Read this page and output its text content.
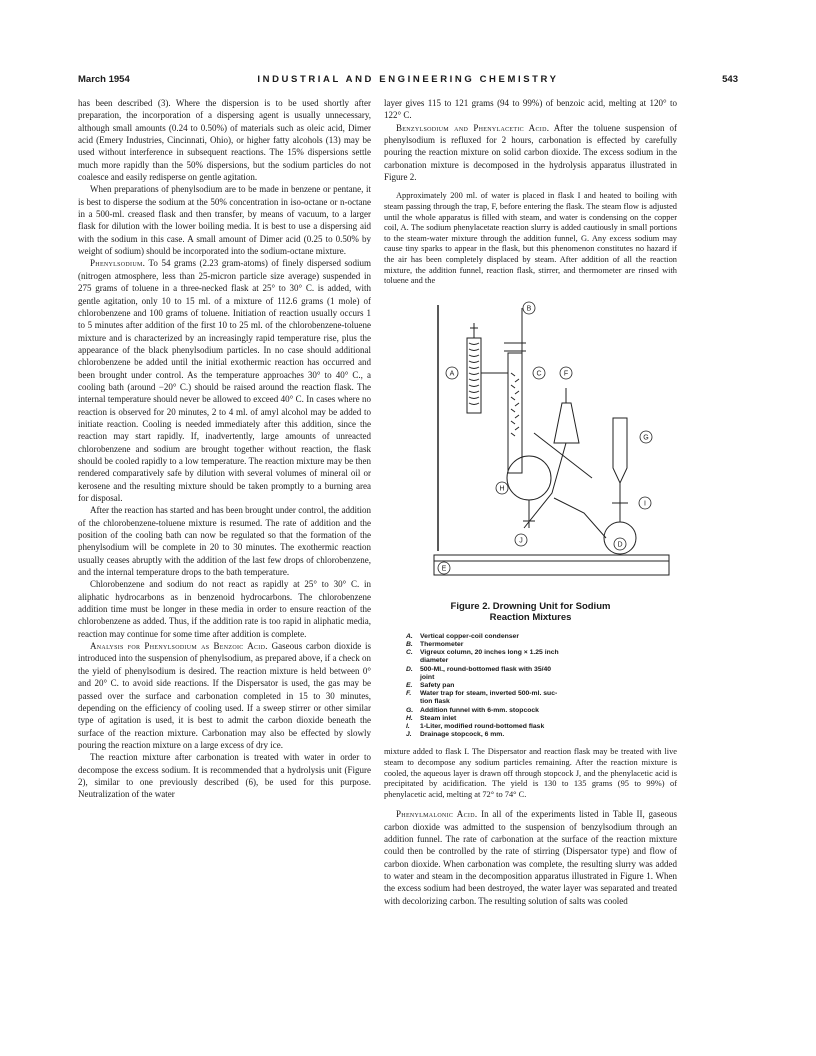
March 1954	INDUSTRIAL AND ENGINEERING CHEMISTRY	543

has been described (3). Where the dispersion is to be used shortly after preparation, the incorporation of a dispersing agent is usually unnecessary, although small amounts (0.24 to 0.50%) of materials such as oleic acid, Dimer acid (Emery Industries, Cincinnati, Ohio), or higher fatty alcohols (13) may be used without interference in subsequent reactions. The 15% dispersions settle much more rapidly than the 50% dispersions, but the sodium particles do not coalesce and easily redisperse on gentle agitation.

When preparations of phenylsodium are to be made in benzene or pentane, it is best to disperse the sodium at the 50% concentration in iso-octane or n-octane in a 500-ml. creased flask and then transfer, by means of vacuum, to a larger flask for dilution with the lower boiling media. It is best to use a dispersing aid with the sodium in this case. A small amount of Dimer acid (0.25 to 0.50% by weight of sodium) should be incorporated into the sodium-octane mixture.

Phenylsodium. To 54 grams (2.23 gram-atoms) of finely dispersed sodium (nitrogen atmosphere, less than 25-micron particle size average) suspended in 275 grams of toluene in a three-necked flask at 25° to 30° C. is added, with gentle agitation, only 10 to 15 ml. of a mixture of 112.6 grams (1 mole) of chlorobenzene and 100 grams of toluene. Initiation of reaction usually occurs 1 to 5 minutes after addition of the first 10 to 25 ml. of the chlorobenzene-toluene mixture and is characterized by an increasingly rapid temperature rise, plus the appearance of the black phenylsodium particles. In no case should additional chlorobenzene be added until the initial exothermic reaction has occurred and been brought under control. As the temperature approaches 30° to 40° C., a cooling bath (around −20° C.) should be raised around the reaction flask. The internal temperature should never be allowed to exceed 40° C. In cases where no reaction is observed for 20 minutes, 2 to 4 ml. of amyl alcohol may be added to initiate reaction. Cooling is needed immediately after this addition, since the reaction may start rapidly. If, inadvertently, large amounts of unreacted chlorobenzene and sodium are brought together without reaction, the flask should be cooled rapidly to a low temperature. The reaction mixture may be then rendered comparatively safe by dilution with several volumes of mineral oil or kerosene and the resulting mixture should be taken promptly to a burning area for disposal.

After the reaction has started and has been brought under control, the addition of the chlorobenzene-toluene mixture is resumed. The rate of addition and the position of the cooling bath can now be regulated so that the formation of the phenylsodium will be complete in 20 to 30 minutes. The exothermic reaction usually ceases abruptly with the addition of the last few drops of chlorobenzene, and the internal temperature drops to the bath temperature.

Chlorobenzene and sodium do not react as rapidly at 25° to 30° C. in aliphatic hydrocarbons as in benzenoid hydrocarbons. The chlorobenzene addition time must be longer in these media in order to ensure reaction of the chlorobenzene as added. Thus, if the addition rate is too rapid in aliphatic media, reaction may continue for some time after addition is complete.

Analysis for Phenylsodium as Benzoic Acid. Gaseous carbon dioxide is introduced into the suspension of phenylsodium, as prepared above, if a check on the yield of phenylsodium is desired. The reaction mixture is held between 0° and 20° C. to avoid side reactions. If the Dispersator is used, the gas may be passed over the surface and carbonation completed in 15 to 30 minutes, depending on the efficiency of cooling used. If a sweep stirrer or other similar type of agitation is used, it is best to admit the carbon dioxide beneath the surface of the reaction mixture. Carbonation may also be effected by slowly pouring the reaction mixture on a large excess of dry ice.

The reaction mixture after carbonation is treated with water in order to decompose the excess sodium. It is recommended that a hydrolysis unit (Figure 2), similar to one previously described (6), be used for this purpose. Neutralization of the water

layer gives 115 to 121 grams (94 to 99%) of benzoic acid, melting at 120° to 122° C.

Benzylsodium and Phenylacetic Acid. After the toluene suspension of phenylsodium is refluxed for 2 hours, carbonation is effected by carefully pouring the reaction mixture on solid carbon dioxide. The excess sodium in the carbonation mixture is decomposed in the hydrolysis apparatus illustrated in Figure 2.

Approximately 200 ml. of water is placed in flask I and heated to boiling with steam passing through the trap, F, before entering the flask. The steam flow is adjusted until the whole apparatus is filled with steam, and water is condensing on the copper coil, A. The sodium phenylacetate reaction slurry is added cautiously in small portions to the steam-water mixture through the addition funnel, G. Any excess sodium may cause tiny sparks to appear in the flask, but this phenomenon constitutes no hazard if the air has been completely displaced by steam. After addition of all the reaction mixture, the addition funnel, reaction flask, stirrer, and thermometer are rinsed with toluene and the

A
B
C
G
F
H
I
D
J
E
Figure 2. Drowning Unit for Sodium
Reaction Mixtures
A.	Vertical copper-coil condenser
B.	Thermometer
C.	Vigreux column, 20 inches long × 1.25 inch
diameter
D.	500-Ml., round-bottomed flask with 35/40
joint
E.	Safety pan
F.	Water trap for steam, inverted 500-ml. suc-
tion flask
G.	Addition funnel with 6-mm. stopcock
H.	Steam inlet
I.	1-Liter, modified round-bottomed flask
J.	Drainage stopcock, 6 mm.

mixture added to flask I. The Dispersator and reaction flask may be treated with live steam to decompose any sodium particles remaining. After the reaction mixture is cooled, the aqueous layer is drawn off through stopcock J, and the phenylacetic acid is precipitated by acidification. The yield is 130 to 135 grams (95 to 99%) of phenylacetic acid, melting at 72° to 74° C.

Phenylmalonic Acid. In all of the experiments listed in Table II, gaseous carbon dioxide was admitted to the suspension of benzylsodium through an addition funnel. The rate of carbonation at the surface of the reaction mixture could then be controlled by the rate of stirring (Dispersator type) and flow of carbon dioxide. When carbonation was complete, the resulting slurry was added to water and steam in the decomposition apparatus illustrated in Figure 1. When the excess sodium had been destroyed, the water layer was separated and treated with decolorizing carbon. The resulting solution of salts was cooled
